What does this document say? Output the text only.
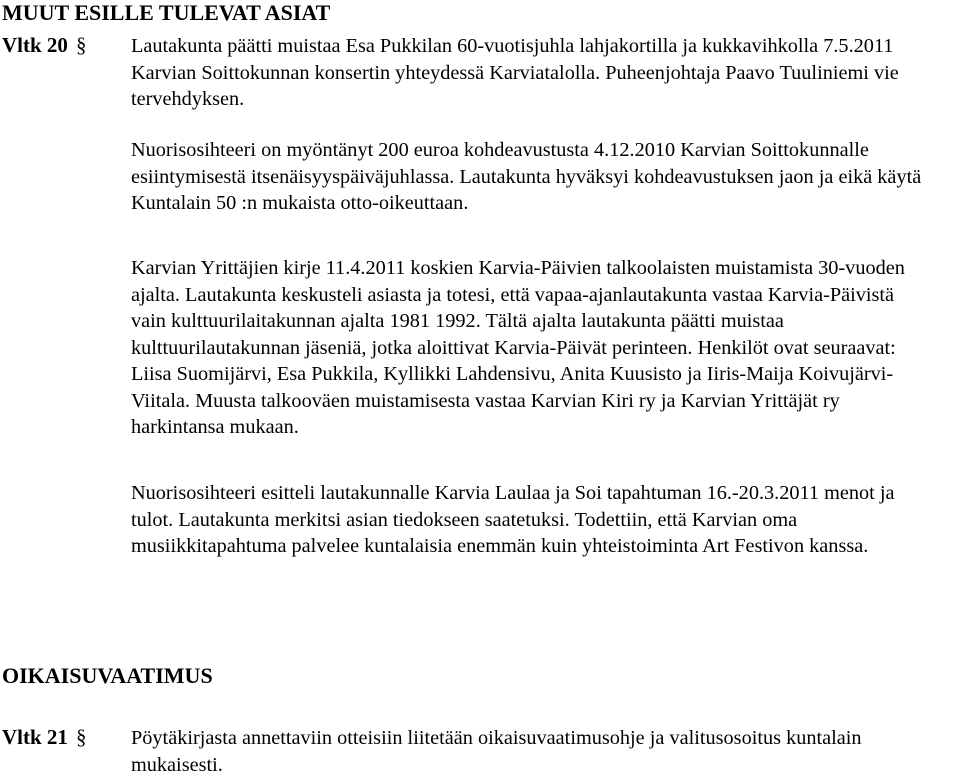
MUUT ESILLE TULEVAT ASIAT
Vltk 20 § Lautakunta päätti muistaa Esa Pukkilan 60-vuotisjuhla lahjakortilla ja kukkavihkolla 7.5.2011 Karvian Soittokunnan konsertin yhteydessä Karviatalolla. Puheenjohtaja Paavo Tuuliniemi vie tervehdyksen.

Nuorisosihteeri on myöntänyt 200 euroa kohdeavustusta 4.12.2010 Karvian Soittokunnalle esiintymisestä itsenäisyyspäiväjuhlassa. Lautakunta hyväksyi kohdeavustuksen jaon ja eikä käytä Kuntalain 50 :n mukaista otto-oikeuttaan.

Karvian Yrittäjien kirje 11.4.2011 koskien Karvia-Päivien talkoolaisten muistamista 30-vuoden ajalta. Lautakunta keskusteli asiasta ja totesi, että vapaa-ajanlautakunta vastaa Karvia-Päivistä vain kulttuurilaitakunnan ajalta 1981 1992. Tältä ajalta lautakunta päätti muistaa kulttuurilautakunnan jäseniä, jotka aloittivat Karvia-Päivät perinteen. Henkilöt ovat seuraavat: Liisa Suomijärvi, Esa Pukkila, Kyllikki Lahdensivu, Anita Kuusisto ja Iiris-Maija Koivujärvi-Viitala. Muusta talkooväen muistamisesta vastaa Karvian Kiri ry ja Karvian Yrittäjät ry harkintansa mukaan.

Nuorisosihteeri esitteli lautakunnalle Karvia Laulaa ja Soi tapahtuman 16.-20.3.2011 menot ja tulot. Lautakunta merkitsi asian tiedokseen saatetuksi. Todettiin, että Karvian oma musiikkitapahtuma palvelee kuntalaisia enemmän kuin yhteistoiminta Art Festivon kanssa.

OIKAISUVAATIMUS
Vltk 21 § Pöytäkirjasta annettaviin otteisiin liitetään oikaisuvaatimusohje ja valitusosoitus kuntalain mukaisesti.
